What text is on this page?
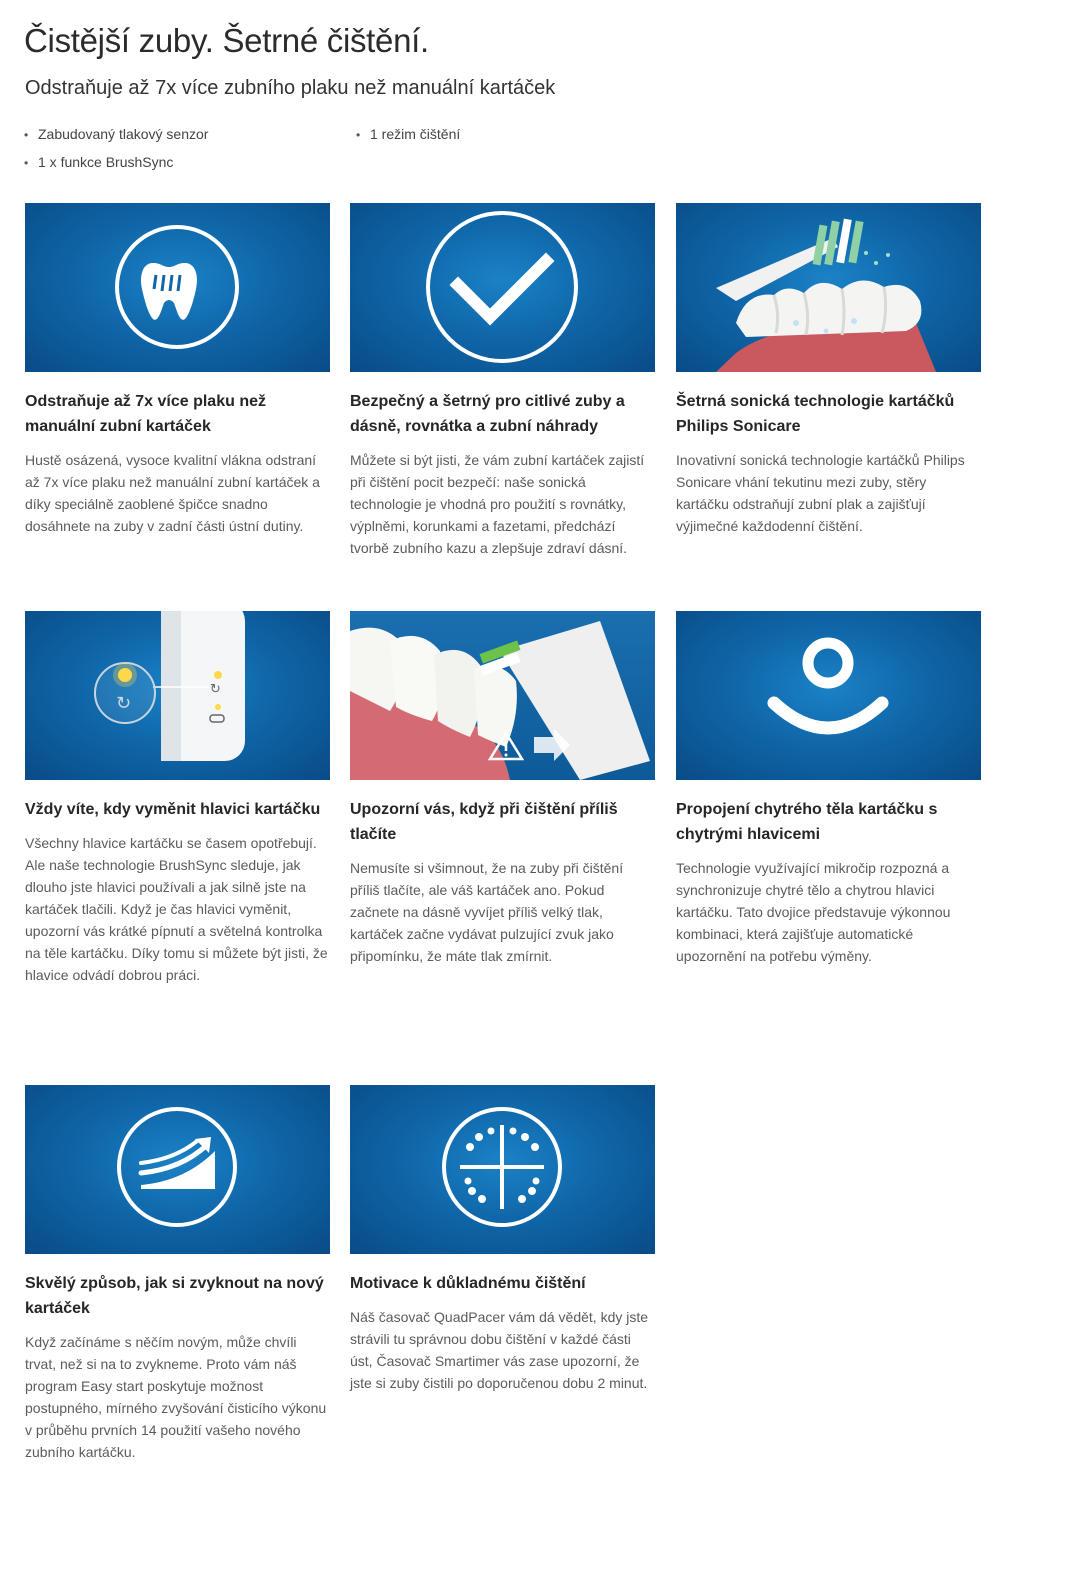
Čistější zuby. Šetrné čištění.
Odstraňuje až 7x více zubního plaku než manuální kartáček
• Zabudovaný tlakový senzor	• 1 režim čištění
• 1 x funkce BrushSync

Odstraňuje až 7x více plaku než manuální zubní kartáček

Hustě osázená, vysoce kvalitní vlákna odstraní až 7x více plaku než manuální zubní kartáček a díky speciálně zaoblené špičce snadno dosáhnete na zuby v zadní části ústní dutiny.

Bezpečný a šetrný pro citlivé zuby a dásně, rovnátka a zubní náhrady

Můžete si být jisti, že vám zubní kartáček zajistí při čištění pocit bezpečí: naše sonická technologie je vhodná pro použití s rovnátky, výplněmi, korunkami a fazetami, předchází tvorbě zubního kazu a zlepšuje zdraví dásní.

Šetrná sonická technologie kartáčků Philips Sonicare

Inovativní sonická technologie kartáčků Philips Sonicare vhání tekutinu mezi zuby, stěry kartáčku odstraňují zubní plak a zajišťují výjimečné každodenní čištění.

↻
↻

Vždy víte, kdy vyměnit hlavici kartáčku

Všechny hlavice kartáčku se časem opotřebují. Ale naše technologie BrushSync sleduje, jak dlouho jste hlavici používali a jak silně jste na kartáček tlačili. Když je čas hlavici vyměnit, upozorní vás krátké pípnutí a světelná kontrolka na těle kartáčku. Díky tomu si můžete být jisti, že hlavice odvádí dobrou práci.

Upozorní vás, když při čištění příliš tlačíte

Nemusíte si všimnout, že na zuby při čištění příliš tlačíte, ale váš kartáček ano. Pokud začnete na dásně vyvíjet příliš velký tlak, kartáček začne vydávat pulzující zvuk jako připomínku, že máte tlak zmírnit.

Propojení chytrého těla kartáčku s chytrými hlavicemi

Technologie využívající mikročip rozpozná a synchronizuje chytré tělo a chytrou hlavici kartáčku. Tato dvojice představuje výkonnou kombinaci, která zajišťuje automatické upozornění na potřebu výměny.

Skvělý způsob, jak si zvyknout na nový kartáček

Když začínáme s něčím novým, může chvíli trvat, než si na to zvykneme. Proto vám náš program Easy start poskytuje možnost postupného, mírného zvyšování čisticího výkonu v průběhu prvních 14 použití vašeho nového zubního kartáčku.

Motivace k důkladnému čištění

Náš časovač QuadPacer vám dá vědět, kdy jste strávili tu správnou dobu čištění v každé části úst, Časovač Smartimer vás zase upozorní, že jste si zuby čistili po doporučenou dobu 2 minut.
